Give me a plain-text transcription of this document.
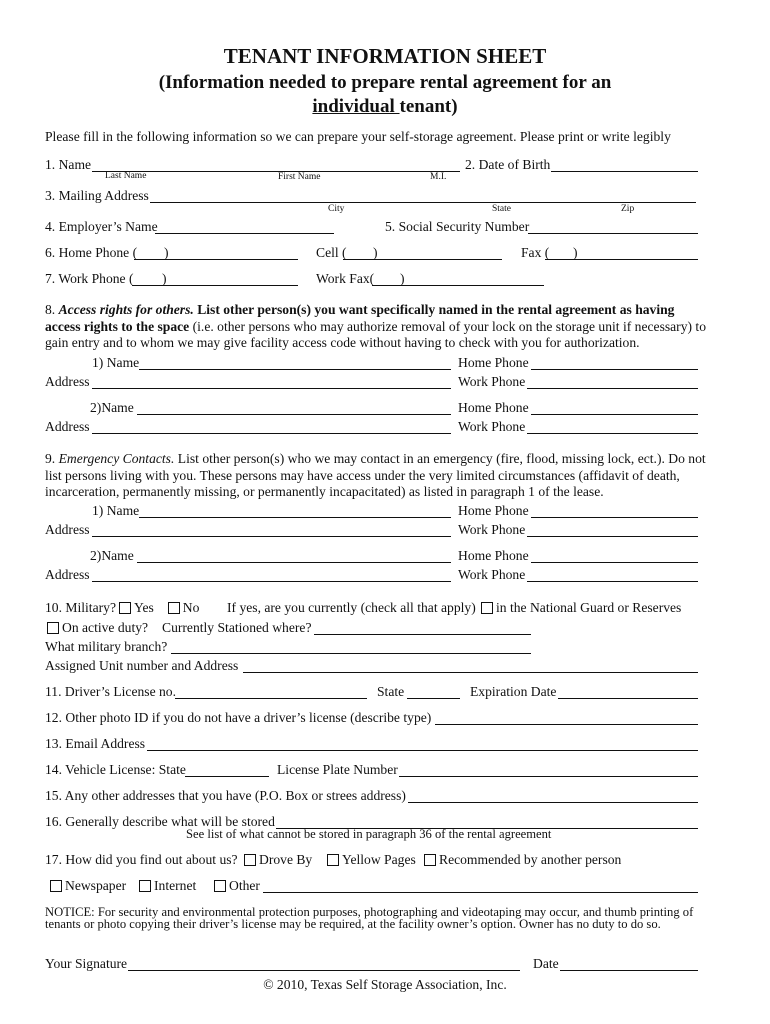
TENANT INFORMATION SHEET
(Information needed to prepare rental agreement for an
individual tenant)
Please fill in the following information so we can prepare your self-storage agreement. Please print or write legibly
1. Name
Last Name	First Name	M.I.
2. Date of Birth
3. Mailing Address
City	State	Zip
4. Employer’s Name	5. Social Security Number
6. Home Phone ( )	Cell ( )	Fax ( )
7. Work Phone ( )	Work Fax( )
8. Access rights for others. List other person(s) you want specifically named in the rental agreement as having access rights to the space (i.e. other persons who may authorize removal of your lock on the storage unit if necessary) to gain entry and to whom we may give facility access code without having to check with you for authorization.
1) Name	Home Phone
Address	Work Phone
2)Name	Home Phone
Address	Work Phone
9. Emergency Contacts. List other person(s) who we may contact in an emergency (fire, flood, missing lock, ect.). Do not list persons living with you. These persons may have access under the very limited circumstances (affidavit of death, incarceration, permanently missing, or permanently incapacitated) as listed in paragraph 1 of the lease.
1) Name	Home Phone
Address	Work Phone
2)Name	Home Phone
Address	Work Phone
10. Military? Yes No If yes, are you currently (check all that apply)	in the National Guard or Reserves
On active duty? Currently Stationed where?
What military branch?
Assigned Unit number and Address
11. Driver’s License no.	State	Expiration Date
12. Other photo ID if you do not have a driver’s license (describe type)
13. Email Address
14. Vehicle License: State	License Plate Number
15. Any other addresses that you have (P.O. Box or strees address)
16. Generally describe what will be stored
See list of what cannot be stored in paragraph 36 of the rental agreement
17. How did you find out about us?	Drove By	Yellow Pages	Recommended by another person
Newspaper	Internet	Other
NOTICE: For security and environmental protection purposes, photographing and videotaping may occur, and thumb printing of tenants or photo copying their driver’s license may be required, at the facility owner’s option. Owner has no duty to do so.
Your Signature	Date
© 2010, Texas Self Storage Association, Inc.
